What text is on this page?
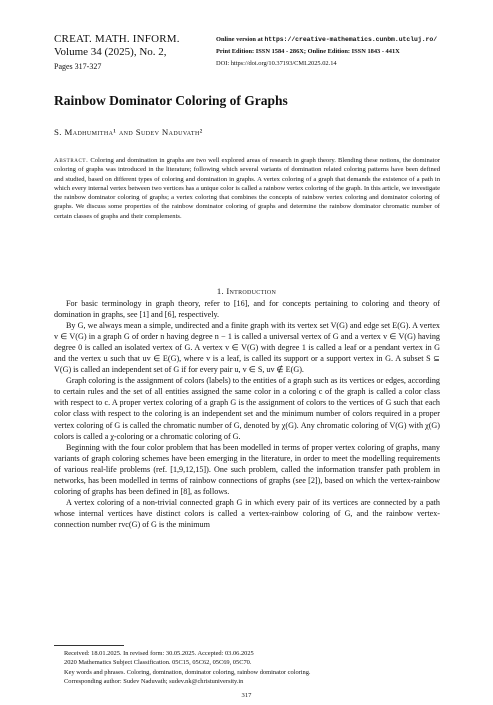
CREAT. MATH. INFORM.
Volume 34 (2025), No. 2,
Pages 317-327
Online version at https://creative-mathematics.cunbm.utcluj.ro/
Print Edition: ISSN 1584 - 286X; Online Edition: ISSN 1843 - 441X
DOI: https://doi.org/10.37193/CMI.2025.02.14
Rainbow Dominator Coloring of Graphs
S. Madhumitha¹ and Sudev Naduvath²
Abstract. Coloring and domination in graphs are two well explored areas of research in graph theory. Blending these notions, the dominator coloring of graphs was introduced in the literature; following which several variants of domination related coloring patterns have been defined and studied, based on different types of coloring and domination in graphs. A vertex coloring of a graph that demands the existence of a path in which every internal vertex between two vertices has a unique color is called a rainbow vertex coloring of the graph. In this article, we investigate the rainbow dominator coloring of graphs; a vertex coloring that combines the concepts of rainbow vertex coloring and dominator coloring of graphs. We discuss some properties of the rainbow dominator coloring of graphs and determine the rainbow dominator chromatic number of certain classes of graphs and their complements.
1. Introduction

For basic terminology in graph theory, refer to [16], and for concepts pertaining to coloring and theory of domination in graphs, see [1] and [6], respectively.

By G, we always mean a simple, undirected and a finite graph with its vertex set V(G) and edge set E(G). A vertex v ∈ V(G) in a graph G of order n having degree n − 1 is called a universal vertex of G and a vertex v ∈ V(G) having degree 0 is called an isolated vertex of G. A vertex v ∈ V(G) with degree 1 is called a leaf or a pendant vertex in G and the vertex u such that uv ∈ E(G), where v is a leaf, is called its support or a support vertex in G. A subset S ⊆ V(G) is called an independent set of G if for every pair u, v ∈ S, uv ∉ E(G).

Graph coloring is the assignment of colors (labels) to the entities of a graph such as its vertices or edges, according to certain rules and the set of all entities assigned the same color in a coloring c of the graph is called a color class with respect to c. A proper vertex coloring of a graph G is the assignment of colors to the vertices of G such that each color class with respect to the coloring is an independent set and the minimum number of colors required in a proper vertex coloring of G is called the chromatic number of G, denoted by χ(G). Any chromatic coloring of V(G) with χ(G) colors is called a χ-coloring or a chromatic coloring of G.

Beginning with the four color problem that has been modelled in terms of proper vertex coloring of graphs, many variants of graph coloring schemes have been emerging in the literature, in order to meet the modelling requirements of various real-life problems (ref. [1,9,12,15]). One such problem, called the information transfer path problem in networks, has been modelled in terms of rainbow connections of graphs (see [2]), based on which the vertex-rainbow coloring of graphs has been defined in [8], as follows.

A vertex coloring of a non-trivial connected graph G in which every pair of its vertices are connected by a path whose internal vertices have distinct colors is called a vertex-rainbow coloring of G, and the rainbow vertex-connection number rvc(G) of G is the minimum

Received: 18.01.2025. In revised form: 30.05.2025. Accepted: 03.06.2025
2020 Mathematics Subject Classification. 05C15, 05C62, 05C69, 05C70.
Key words and phrases. Coloring, domination, dominator coloring, rainbow dominator coloring.
Corresponding author: Sudev Naduvath; sudev.nk@christuniversity.in
317
